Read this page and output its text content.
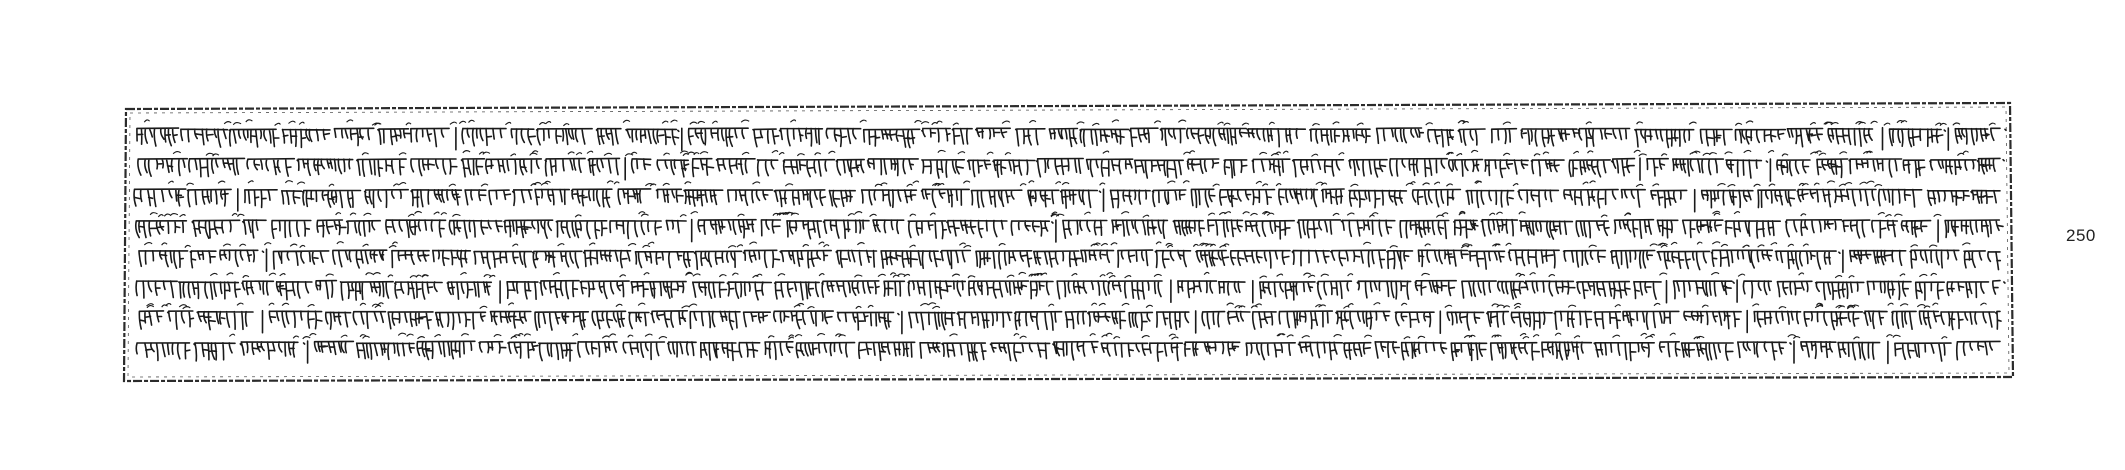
250
